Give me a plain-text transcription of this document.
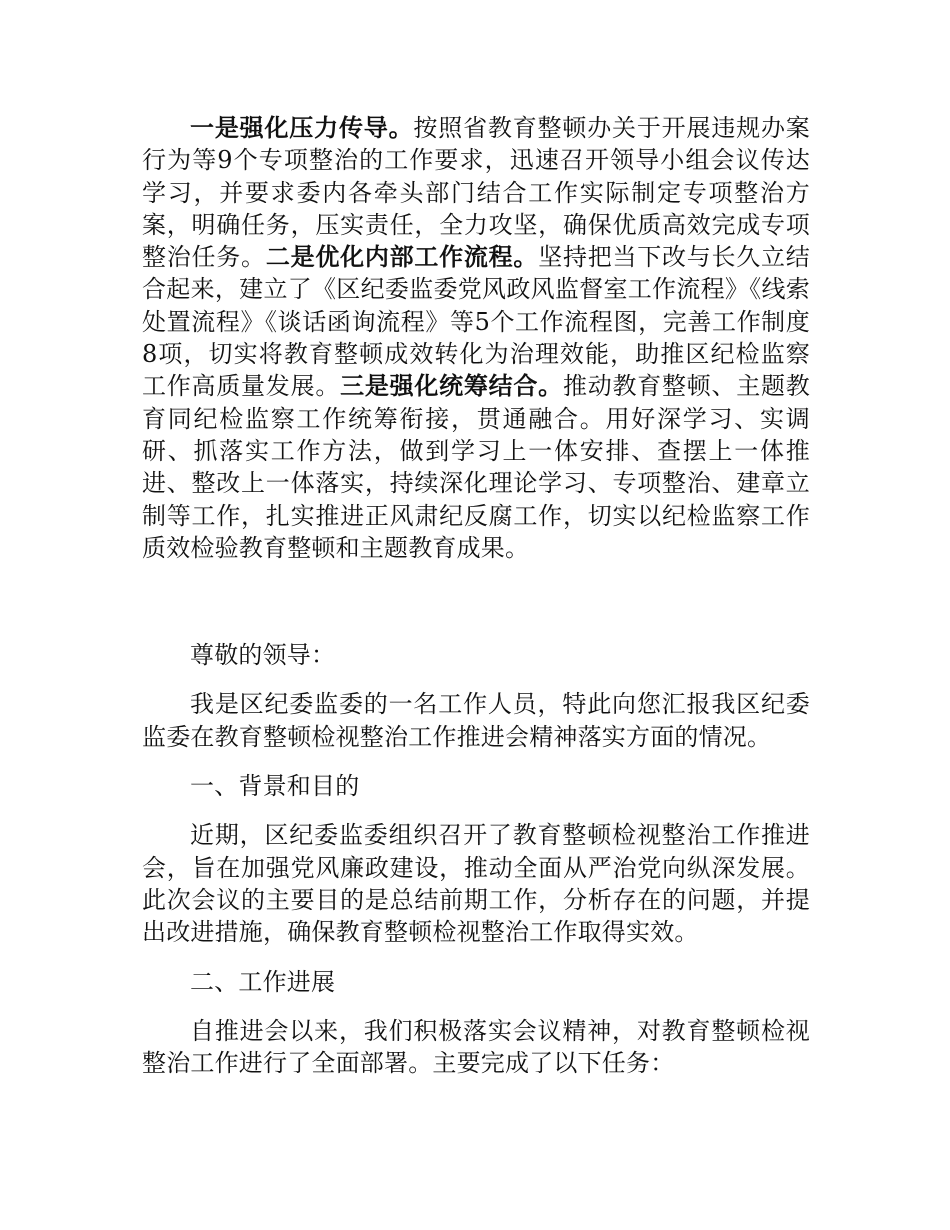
一是强化压力传导。按照省教育整顿办关于开展违规办案行为等9个专项整治的工作要求，迅速召开领导小组会议传达学习，并要求委内各牵头部门结合工作实际制定专项整治方案，明确任务，压实责任，全力攻坚，确保优质高效完成专项整治任务。二是优化内部工作流程。坚持把当下改与长久立结合起来，建立了《区纪委监委党风政风监督室工作流程》《线索处置流程》《谈话函询流程》等5个工作流程图，完善工作制度8项，切实将教育整顿成效转化为治理效能，助推区纪检监察工作高质量发展。三是强化统筹结合。推动教育整顿、主题教育同纪检监察工作统筹衔接，贯通融合。用好深学习、实调研、抓落实工作方法，做到学习上一体安排、查摆上一体推进、整改上一体落实，持续深化理论学习、专项整治、建章立制等工作，扎实推进正风肃纪反腐工作，切实以纪检监察工作质效检验教育整顿和主题教育成果。

尊敬的领导：

我是区纪委监委的一名工作人员，特此向您汇报我区纪委监委在教育整顿检视整治工作推进会精神落实方面的情况。

一、背景和目的

近期，区纪委监委组织召开了教育整顿检视整治工作推进会，旨在加强党风廉政建设，推动全面从严治党向纵深发展。此次会议的主要目的是总结前期工作，分析存在的问题，并提出改进措施，确保教育整顿检视整治工作取得实效。

二、工作进展

自推进会以来，我们积极落实会议精神，对教育整顿检视整治工作进行了全面部署。主要完成了以下任务：
